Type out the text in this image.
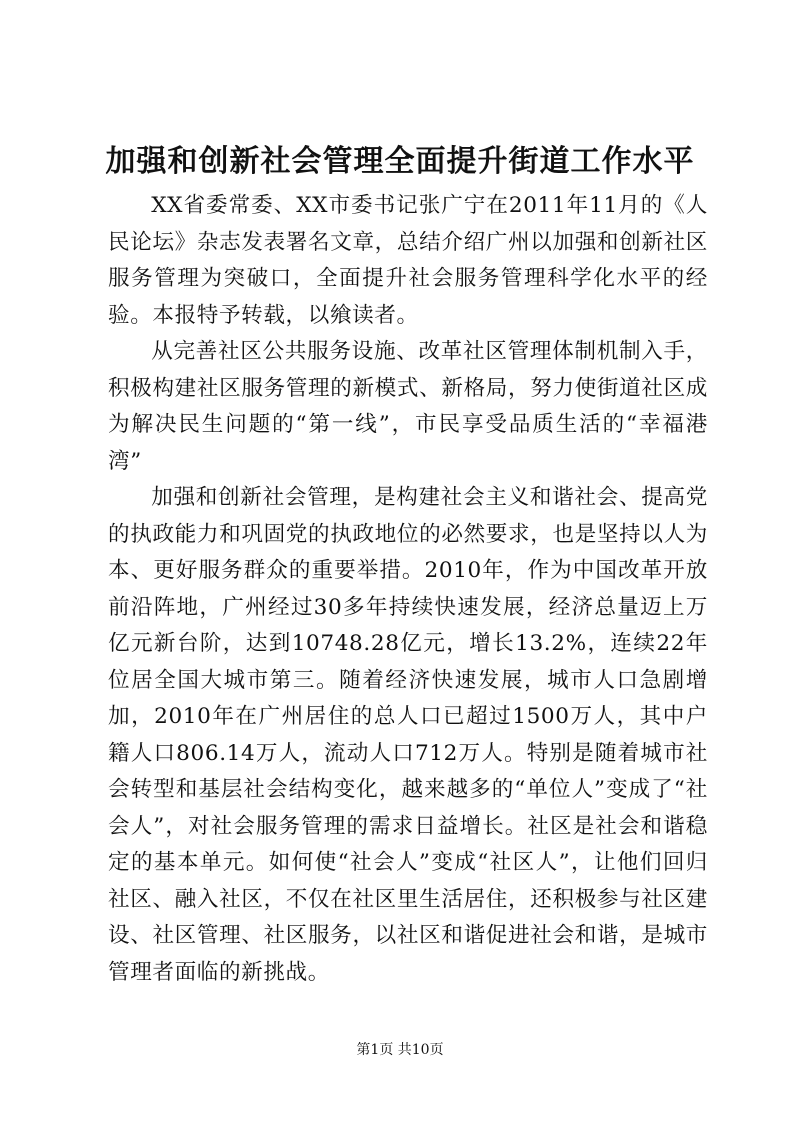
加强和创新社会管理全面提升街道工作水平

XX省委常委、XX市委书记张广宁在2011年11月的《人民论坛》杂志发表署名文章，总结介绍广州以加强和创新社区服务管理为突破口，全面提升社会服务管理科学化水平的经验。本报特予转载，以飨读者。

从完善社区公共服务设施、改革社区管理体制机制入手，积极构建社区服务管理的新模式、新格局，努力使街道社区成为解决民生问题的“第一线”，市民享受品质生活的“幸福港湾”

加强和创新社会管理，是构建社会主义和谐社会、提高党的执政能力和巩固党的执政地位的必然要求，也是坚持以人为本、更好服务群众的重要举措。2010年，作为中国改革开放前沿阵地，广州经过30多年持续快速发展，经济总量迈上万亿元新台阶，达到10748.28亿元，增长13.2%，连续22年位居全国大城市第三。随着经济快速发展，城市人口急剧增加，2010年在广州居住的总人口已超过1500万人，其中户籍人口806.14万人，流动人口712万人。特别是随着城市社会转型和基层社会结构变化，越来越多的“单位人”变成了“社会人”，对社会服务管理的需求日益增长。社区是社会和谐稳定的基本单元。如何使“社会人”变成“社区人”，让他们回归社区、融入社区，不仅在社区里生活居住，还积极参与社区建设、社区管理、社区服务，以社区和谐促进社会和谐，是城市管理者面临的新挑战。

第1页 共10页
